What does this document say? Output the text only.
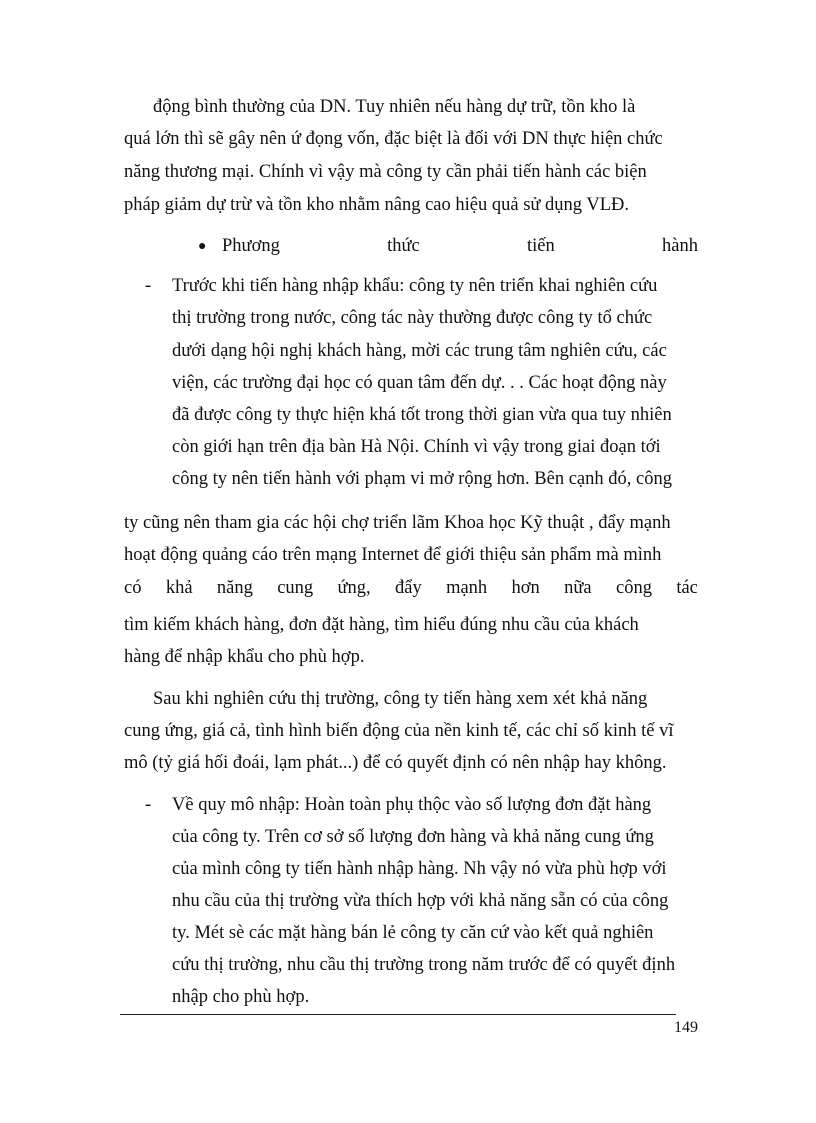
động bình thường của DN. Tuy nhiên nếu hàng dự trữ, tồn kho là
quá lớn thì sẽ gây nên ứ đọng vốn, đặc biệt là đối với DN thực hiện chức
năng thương mại. Chính vì vậy mà công ty cần phải tiến hành các biện
pháp giảm dự trừ và tồn kho nhằm nâng cao hiệu quả sử dụng VLĐ.
● Phương	thức	tiến	hành
- Trước khi tiến hàng nhập khẩu: công ty nên triển khai nghiên cứu
thị trường trong nước, công tác này thường được công ty tổ chức
dưới dạng hội nghị khách hàng, mời các trung tâm nghiên cứu, các
viện, các trường đại học có quan tâm đến dự. . . Các hoạt động này
đã được công ty thực hiện khá tốt trong thời gian vừa qua tuy nhiên
còn giới hạn trên địa bàn Hà Nội. Chính vì vậy trong giai đoạn tới
công ty nên tiến hành với phạm vi mở rộng hơn. Bên cạnh đó, công
ty cũng nên tham gia các hội chợ triển lãm Khoa học Kỹ thuật , đẩy mạnh
hoạt động quảng cáo trên mạng Internet để giới thiệu sản phẩm mà mình
có khả năng cung ứng, đẩy mạnh hơn nữa công tác
tìm kiếm khách hàng, đơn đặt hàng, tìm hiểu đúng nhu cầu của khách
hàng để nhập khẩu cho phù hợp.
Sau khi nghiên cứu thị trường, công ty tiến hàng xem xét khả năng
cung ứng, giá cả, tình hình biến động của nền kinh tế, các chỉ số kinh tế vĩ
mô (tỷ giá hối đoái, lạm phát...) để có quyết định có nên nhập hay không.
- Về quy mô nhập: Hoàn toàn phụ thộc vào số lượng đơn đặt hàng
của công ty. Trên cơ sở số lượng đơn hàng và khả năng cung ứng
của mình công ty tiến hành nhập hàng. Nh vậy nó vừa phù hợp với
nhu cầu của thị trường vừa thích hợp với khả năng sẵn có của công
ty. Mét sè các mặt hàng bán lẻ công ty căn cứ vào kết quả nghiên
cứu thị trường, nhu cầu thị trường trong năm trước để có quyết định
nhập cho phù hợp.
149
